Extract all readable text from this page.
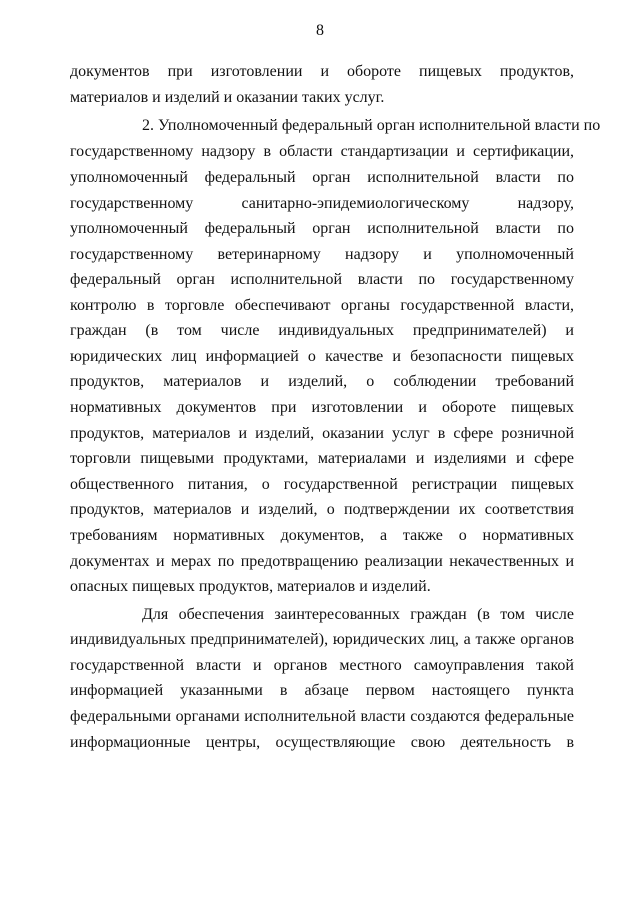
8
документов при изготовлении и обороте пищевых продуктов,
материалов и изделий и оказании таких услуг.
2. Уполномоченный федеральный орган исполнительной власти по
государственному надзору в области стандартизации и сертификации,
уполномоченный федеральный орган исполнительной власти по
государственному санитарно-эпидемиологическому надзору,
уполномоченный федеральный орган исполнительной власти по
государственному ветеринарному надзору и уполномоченный
федеральный орган исполнительной власти по государственному
контролю в торговле обеспечивают органы государственной власти,
граждан (в том числе индивидуальных предпринимателей) и
юридических лиц информацией о качестве и безопасности пищевых
продуктов, материалов и изделий, о соблюдении требований
нормативных документов при изготовлении и обороте пищевых
продуктов, материалов и изделий, оказании услуг в сфере розничной
торговли пищевыми продуктами, материалами и изделиями и сфере
общественного питания, о государственной регистрации пищевых
продуктов, материалов и изделий, о подтверждении их соответствия
требованиям нормативных документов, а также о нормативных
документах и мерах по предотвращению реализации некачественных и
опасных пищевых продуктов, материалов и изделий.
Для обеспечения заинтересованных граждан (в том числе
индивидуальных предпринимателей), юридических лиц, а также органов
государственной власти и органов местного самоуправления такой
информацией указанными в абзаце первом настоящего пункта
федеральными органами исполнительной власти создаются федеральные
информационные центры, осуществляющие свою деятельность в
